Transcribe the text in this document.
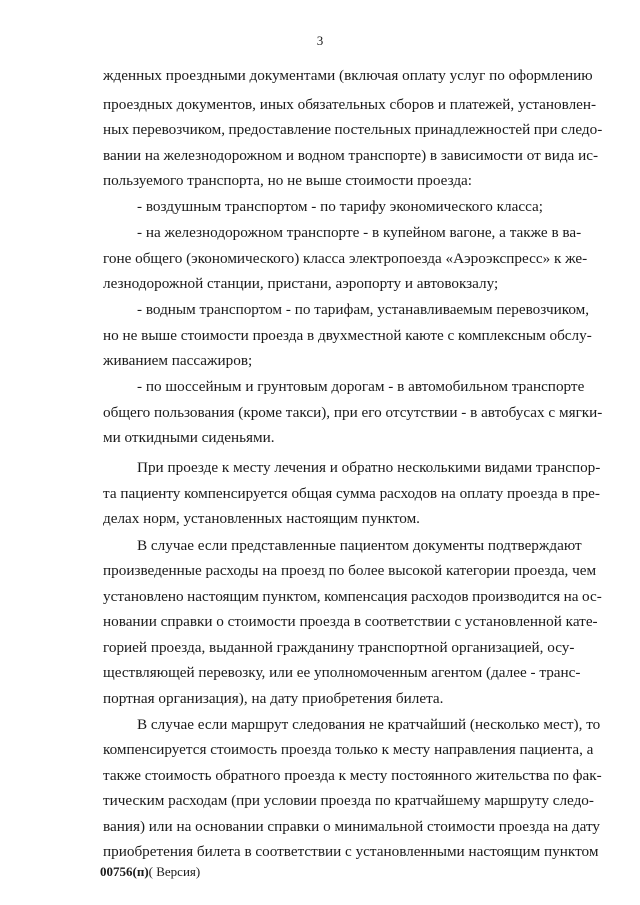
3
жденных проездными документами (включая оплату услуг по оформлению
проездных документов, иных обязательных сборов и платежей, установлен-
ных перевозчиком, предоставление постельных принадлежностей при следо-
вании на железнодорожном и водном транспорте) в зависимости от вида ис-
пользуемого транспорта, но не выше стоимости проезда:
- воздушным транспортом - по тарифу экономического класса;
- на железнодорожном транспорте - в купейном вагоне, а также в ва-
гоне общего (экономического) класса электропоезда «Аэроэкспресс» к же-
лезнодорожной станции, пристани, аэропорту и автовокзалу;
- водным транспортом - по тарифам, устанавливаемым перевозчиком,
но не выше стоимости проезда в двухместной каюте с комплексным обслу-
живанием пассажиров;
- по шоссейным и грунтовым дорогам - в автомобильном транспорте
общего пользования (кроме такси), при его отсутствии - в автобусах с мягки-
ми откидными сиденьями.
При проезде к месту лечения и обратно несколькими видами транспор-
та пациенту компенсируется общая сумма расходов на оплату проезда в пре-
делах норм, установленных настоящим пунктом.
В случае если представленные пациентом документы подтверждают
произведенные расходы на проезд по более высокой категории проезда, чем
установлено настоящим пунктом, компенсация расходов производится на ос-
новании справки о стоимости проезда в соответствии с установленной кате-
горией проезда, выданной гражданину транспортной организацией, осу-
ществляющей перевозку, или ее уполномоченным агентом (далее - транс-
портная организация), на дату приобретения билета.
В случае если маршрут следования не кратчайший (несколько мест), то
компенсируется стоимость проезда только к месту направления пациента, а
также стоимость обратного проезда к месту постоянного жительства по фак-
тическим расходам (при условии проезда по кратчайшему маршруту следо-
вания) или на основании справки о минимальной стоимости проезда на дату
приобретения билета в соответствии с установленными настоящим пунктом
00756(п)( Версия)
